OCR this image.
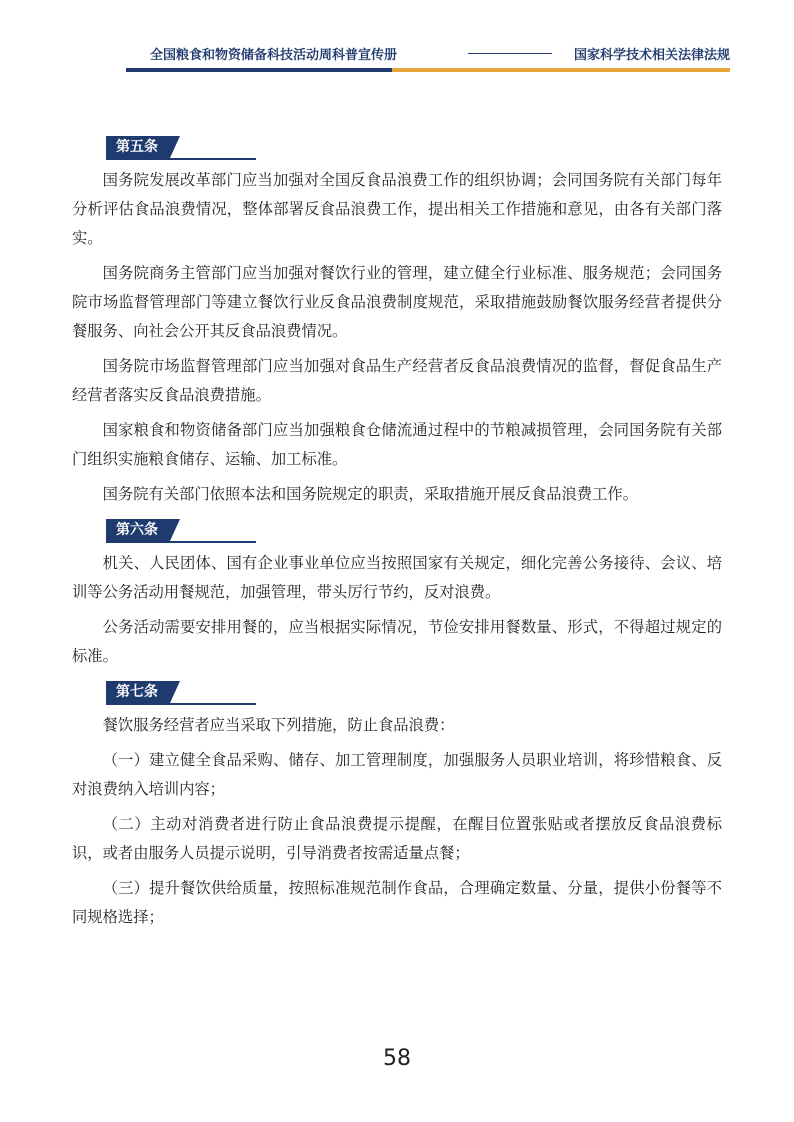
全国粮食和物资储备科技活动周科普宣传册	国家科学技术相关法律法规
第五条

国务院发展改革部门应当加强对全国反食品浪费工作的组织协调；会同国务院有关部门每年分析评估食品浪费情况，整体部署反食品浪费工作，提出相关工作措施和意见，由各有关部门落实。

国务院商务主管部门应当加强对餐饮行业的管理，建立健全行业标准、服务规范；会同国务院市场监督管理部门等建立餐饮行业反食品浪费制度规范，采取措施鼓励餐饮服务经营者提供分餐服务、向社会公开其反食品浪费情况。

国务院市场监督管理部门应当加强对食品生产经营者反食品浪费情况的监督，督促食品生产经营者落实反食品浪费措施。

国家粮食和物资储备部门应当加强粮食仓储流通过程中的节粮减损管理，会同国务院有关部门组织实施粮食储存、运输、加工标准。

国务院有关部门依照本法和国务院规定的职责，采取措施开展反食品浪费工作。

第六条

机关、人民团体、国有企业事业单位应当按照国家有关规定，细化完善公务接待、会议、培训等公务活动用餐规范，加强管理，带头厉行节约，反对浪费。

公务活动需要安排用餐的，应当根据实际情况，节俭安排用餐数量、形式，不得超过规定的标准。

第七条

餐饮服务经营者应当采取下列措施，防止食品浪费：

（一）建立健全食品采购、储存、加工管理制度，加强服务人员职业培训，将珍惜粮食、反对浪费纳入培训内容；

（二）主动对消费者进行防止食品浪费提示提醒，在醒目位置张贴或者摆放反食品浪费标识，或者由服务人员提示说明，引导消费者按需适量点餐；

（三）提升餐饮供给质量，按照标准规范制作食品，合理确定数量、分量，提供小份餐等不同规格选择；

58
